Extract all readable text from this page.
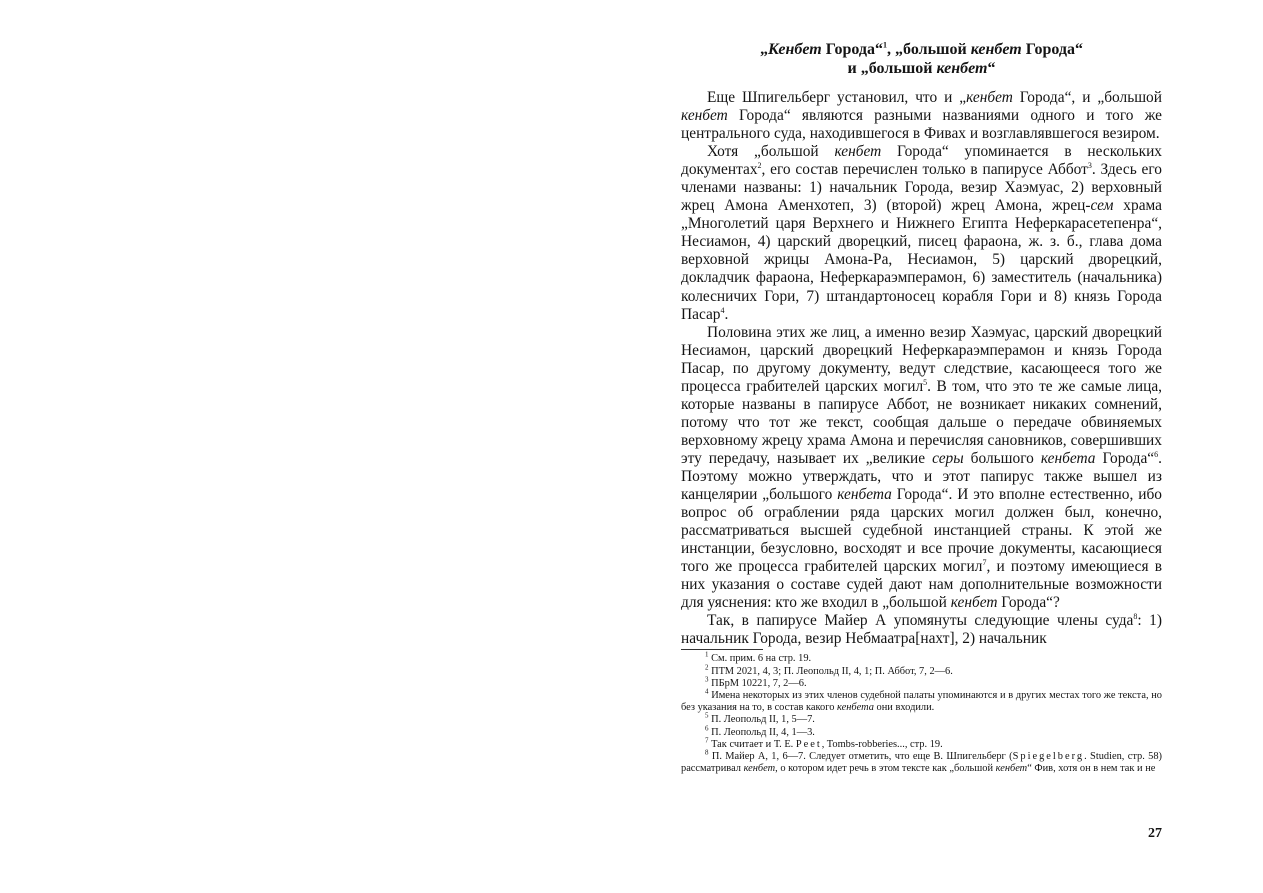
„Кенбет Города“$^1$, „большой кенбет Города“
и „большой кенбет“

Еще Шпигельберг установил, что и „кенбет Города“, и „большой кенбет Города“ являются разными названиями одного и того же центрального суда, находившегося в Фивах и возглавлявшегося везиром.

Хотя „большой кенбет Города“ упоминается в нескольких документах$^2$, его состав перечислен только в папирусе Аббот$^3$. Здесь его членами названы: 1) начальник Города, везир Хаэмуас, 2) верховный жрец Амона Аменхотеп, 3) (второй) жрец Амона, жрец-сем храма „Многолетий царя Верхнего и Нижнего Египта Неферкарасетепенра“, Несиамон, 4) царский дворецкий, писец фараона, ж. з. б., глава дома верховной жрицы Амона-Ра, Несиамон, 5) царский дворецкий, докладчик фараона, Неферкараэмперамон, 6) заместитель (начальника) колесничих Гори, 7) штандартоносец корабля Гори и 8) князь Города Пасар$^4$.

Половина этих же лиц, а именно везир Хаэмуас, царский дворецкий Несиамон, царский дворецкий Неферкараэмперамон и князь Города Пасар, по другому документу, ведут следствие, касающееся того же процесса грабителей царских могил$^5$. В том, что это те же самые лица, которые названы в папирусе Аббот, не возникает никаких сомнений, потому что тот же текст, сообщая дальше о передаче обвиняемых верховному жрецу храма Амона и перечисляя сановников, совершивших эту передачу, называет их „великие серы большого кенбета Города“$^6$. Поэтому можно утверждать, что и этот папирус также вышел из канцелярии „большого кенбета Города“. И это вполне естественно, ибо вопрос об ограблении ряда царских могил должен был, конечно, рассматриваться высшей судебной инстанцией страны. К этой же инстанции, безусловно, восходят и все прочие документы, касающиеся того же процесса грабителей царских могил$^7$, и поэтому имеющиеся в них указания о составе судей дают нам дополнительные возможности для уяснения: кто же входил в „большой кенбет Города“?

Так, в папирусе Майер А упомянуты следующие члены суда$^8$: 1) начальник Города, везир Небмаатра[нахт], 2) начальник

$^1$ См. прим. 6 на стр. 19.

$^2$ ПТМ 2021, 4, 3; П. Леопольд II, 4, 1; П. Аббот, 7, 2—6.

$^3$ ПБрМ 10221, 7, 2—6.

$^4$ Имена некоторых из этих членов судебной палаты упоминаются и в других местах того же текста, но без указания на то, в состав какого кенбета они входили.

$^5$ П. Леопольд II, 1, 5—7.

$^6$ П. Леопольд II, 4, 1—3.

$^7$ Так считает и Т. Е. Peet, Tombs-robberies..., стр. 19.

$^8$ П. Майер А, 1, 6—7. Следует отметить, что еще В. Шпигельберг (Spiegelberg. Studien, стр. 58) рассматривал кенбет, о котором идет речь в этом тексте как „большой кенбет“ Фив, хотя он в нем так и не

27
